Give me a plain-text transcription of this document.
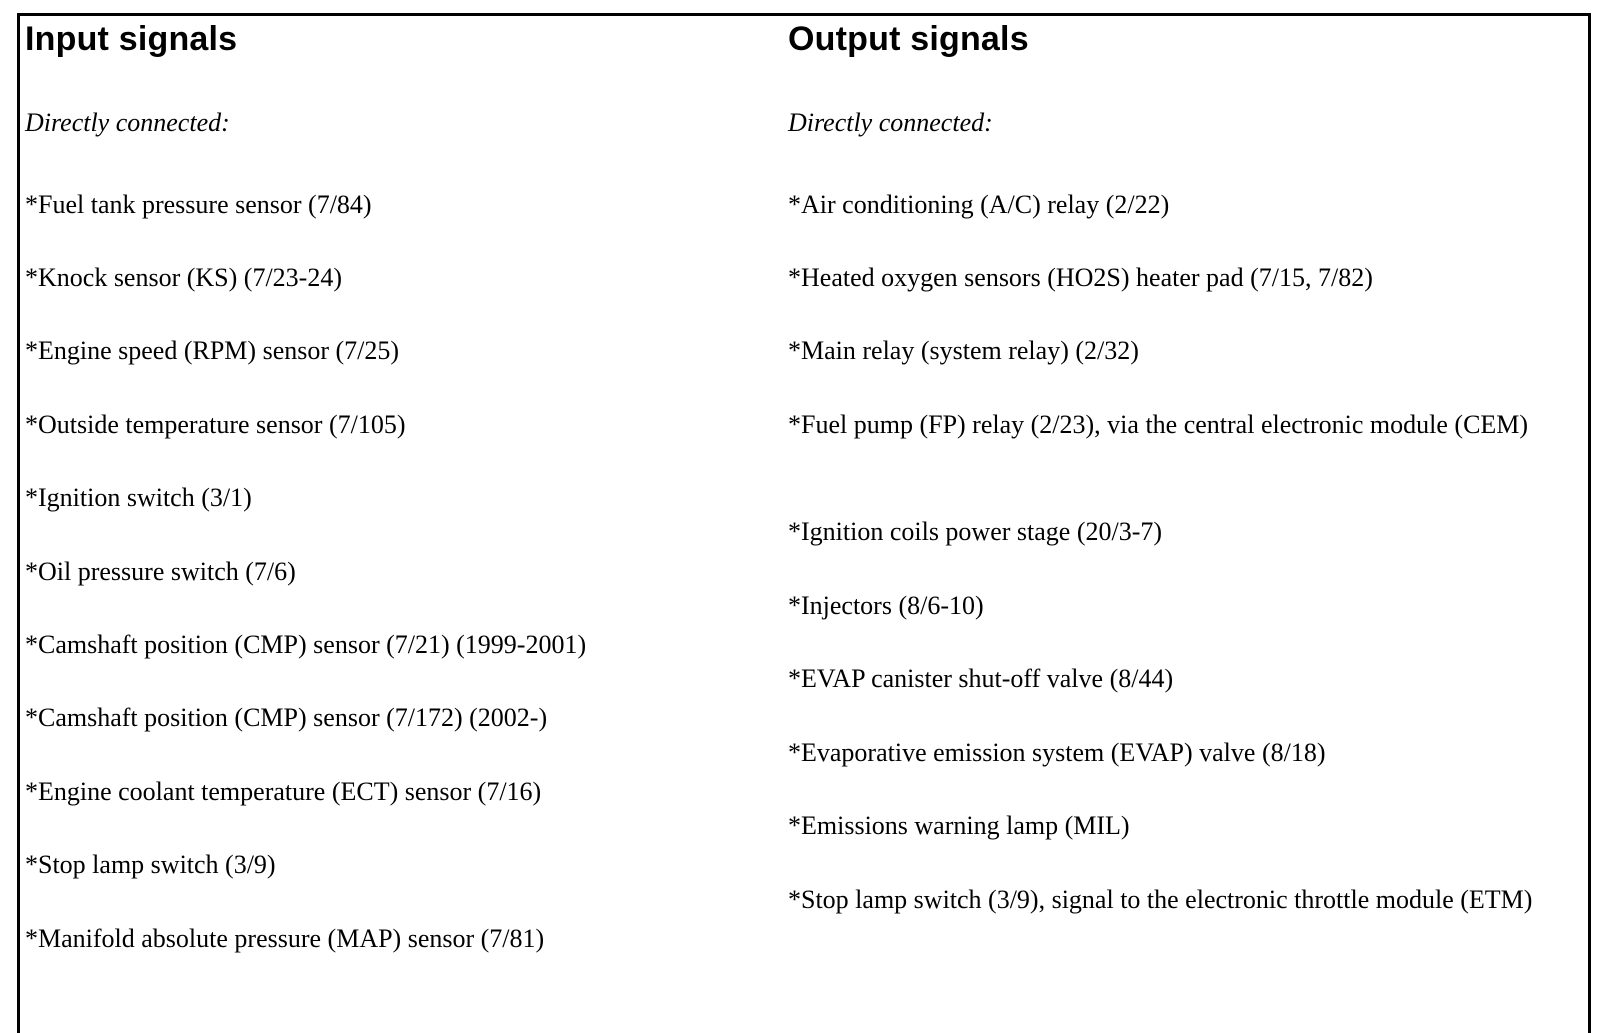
Input signals
Directly connected:
*Fuel tank pressure sensor (7/84)
*Knock sensor (KS) (7/23-24)
*Engine speed (RPM) sensor (7/25)
*Outside temperature sensor (7/105)
*Ignition switch (3/1)
*Oil pressure switch (7/6)
*Camshaft position (CMP) sensor (7/21) (1999-2001)
*Camshaft position (CMP) sensor (7/172) (2002-)
*Engine coolant temperature (ECT) sensor (7/16)
*Stop lamp switch (3/9)
*Manifold absolute pressure (MAP) sensor (7/81)
Output signals
Directly connected:
*Air conditioning (A/C) relay (2/22)
*Heated oxygen sensors (HO2S) heater pad (7/15, 7/82)
*Main relay (system relay) (2/32)
*Fuel pump (FP) relay (2/23), via the central electronic module (CEM)
*Ignition coils power stage (20/3-7)
*Injectors (8/6-10)
*EVAP canister shut-off valve (8/44)
*Evaporative emission system (EVAP) valve (8/18)
*Emissions warning lamp (MIL)
*Stop lamp switch (3/9), signal to the electronic throttle module (ETM)
